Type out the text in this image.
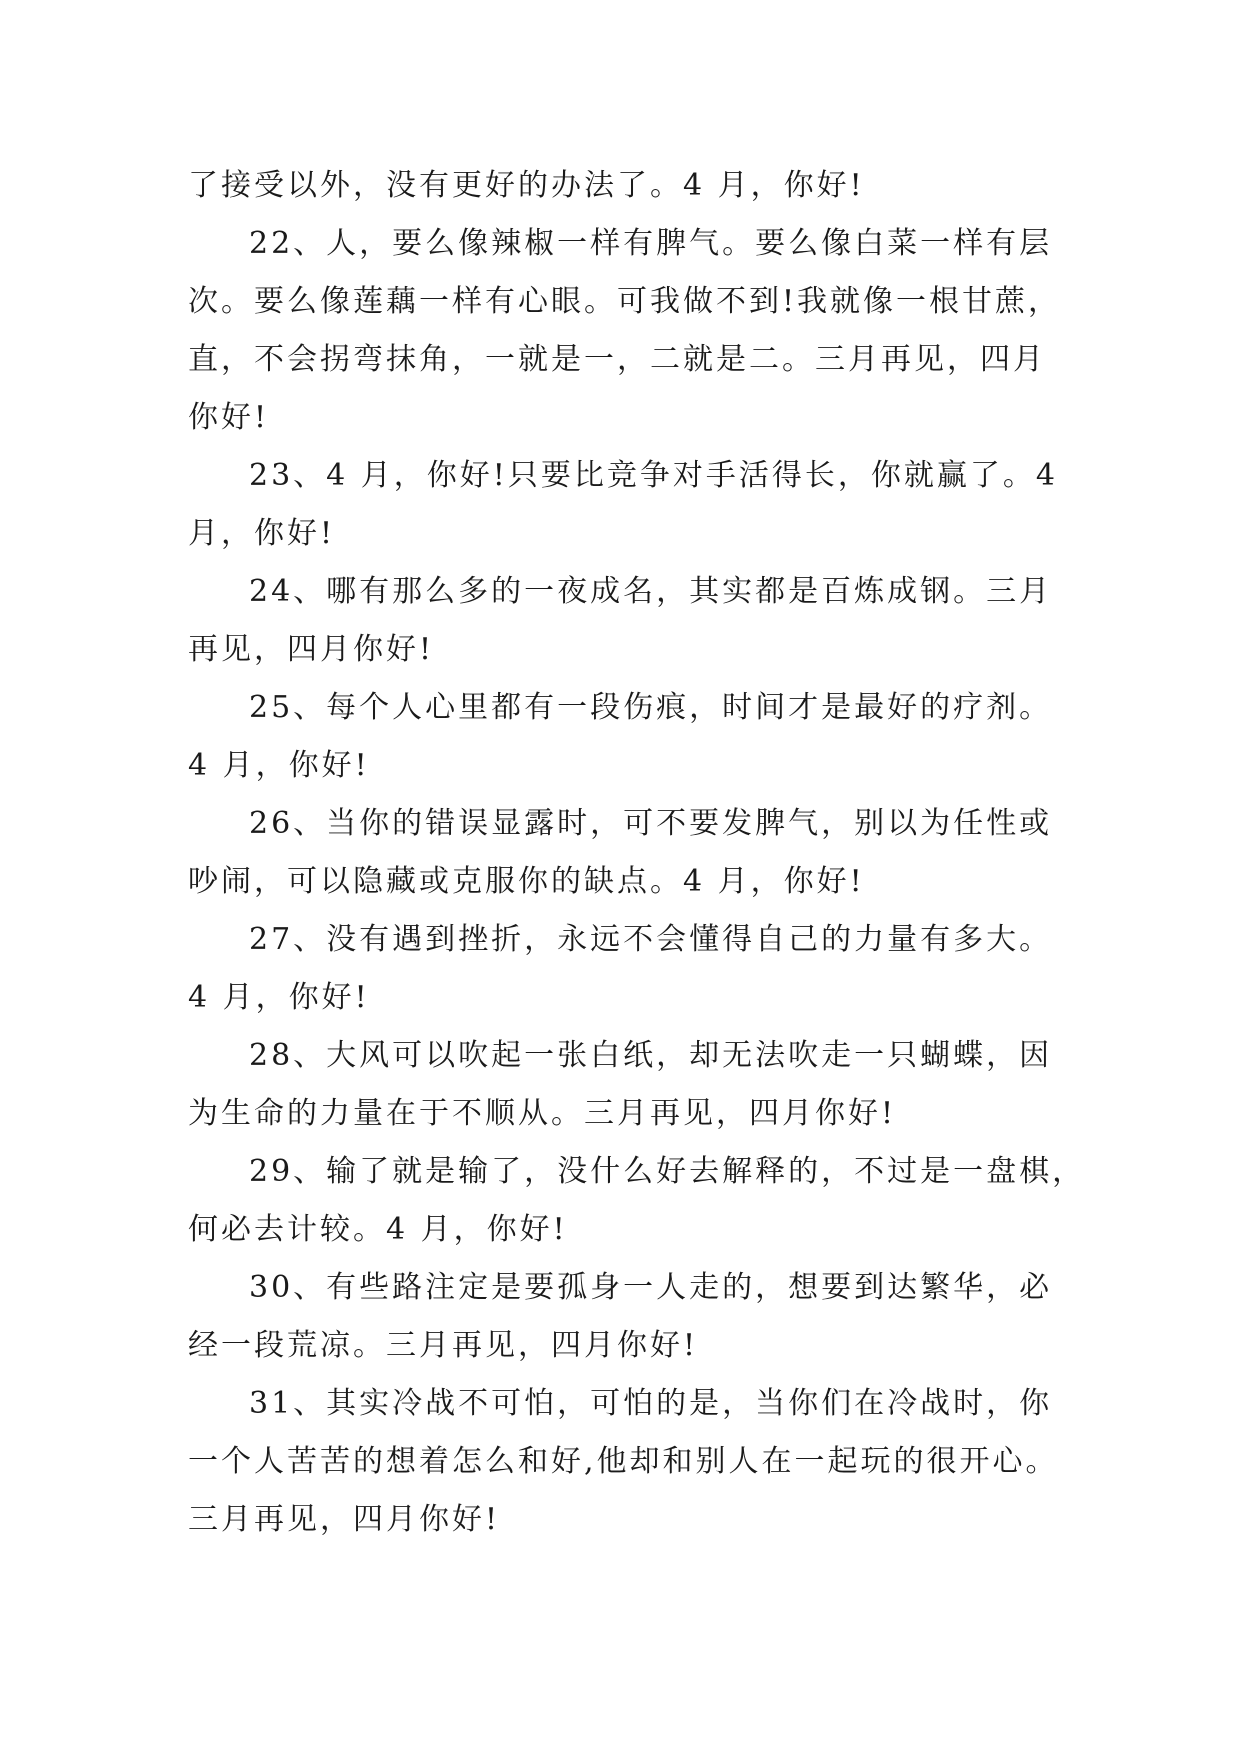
了接受以外，没有更好的办法了。4 月，你好!

22、人，要么像辣椒一样有脾气。要么像白菜一样有层
次。要么像莲藕一样有心眼。可我做不到!我就像一根甘蔗，
直，不会拐弯抹角，一就是一，二就是二。三月再见，四月
你好!

23、4 月，你好!只要比竞争对手活得长，你就赢了。4
月，你好!

24、哪有那么多的一夜成名，其实都是百炼成钢。三月
再见，四月你好!

25、每个人心里都有一段伤痕，时间才是最好的疗剂。
4 月，你好!

26、当你的错误显露时，可不要发脾气，别以为任性或
吵闹，可以隐藏或克服你的缺点。4 月，你好!

27、没有遇到挫折，永远不会懂得自己的力量有多大。
4 月，你好!

28、大风可以吹起一张白纸，却无法吹走一只蝴蝶，因
为生命的力量在于不顺从。三月再见，四月你好!

29、输了就是输了，没什么好去解释的，不过是一盘棋，
何必去计较。4 月，你好!

30、有些路注定是要孤身一人走的，想要到达繁华，必
经一段荒凉。三月再见，四月你好!

31、其实冷战不可怕，可怕的是，当你们在冷战时，你
一个人苦苦的想着怎么和好,他却和别人在一起玩的很开心。
三月再见，四月你好!
